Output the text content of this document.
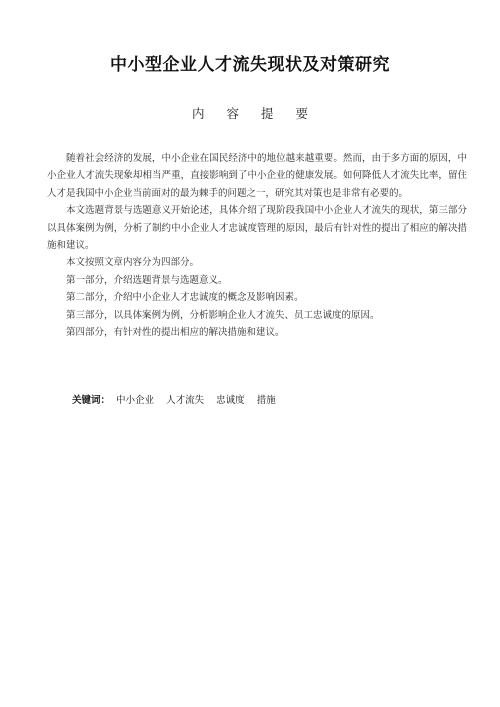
中小型企业人才流失现状及对策研究
内 容 提 要

随着社会经济的发展，中小企业在国民经济中的地位越来越重要。然而，由于多方面的原因，中小企业人才流失现象却相当严重，直接影响到了中小企业的健康发展。如何降低人才流失比率，留住人才是我国中小企业当前面对的最为棘手的问题之一，研究其对策也是非常有必要的。

本文选题背景与选题意义开始论述，具体介绍了现阶段我国中小企业人才流失的现状，第三部分以具体案例为例，分析了制约中小企业人才忠诚度管理的原因，最后有针对性的提出了相应的解决措施和建议。

本文按照文章内容分为四部分。

第一部分，介绍选题背景与选题意义。

第二部分，介绍中小企业人才忠诚度的概念及影响因素。

第三部分，以具体案例为例，分析影响企业人才流失、员工忠诚度的原因。

第四部分，有针对性的提出相应的解决措施和建议。

关键词： 中小企业 人才流失 忠诚度 措施
